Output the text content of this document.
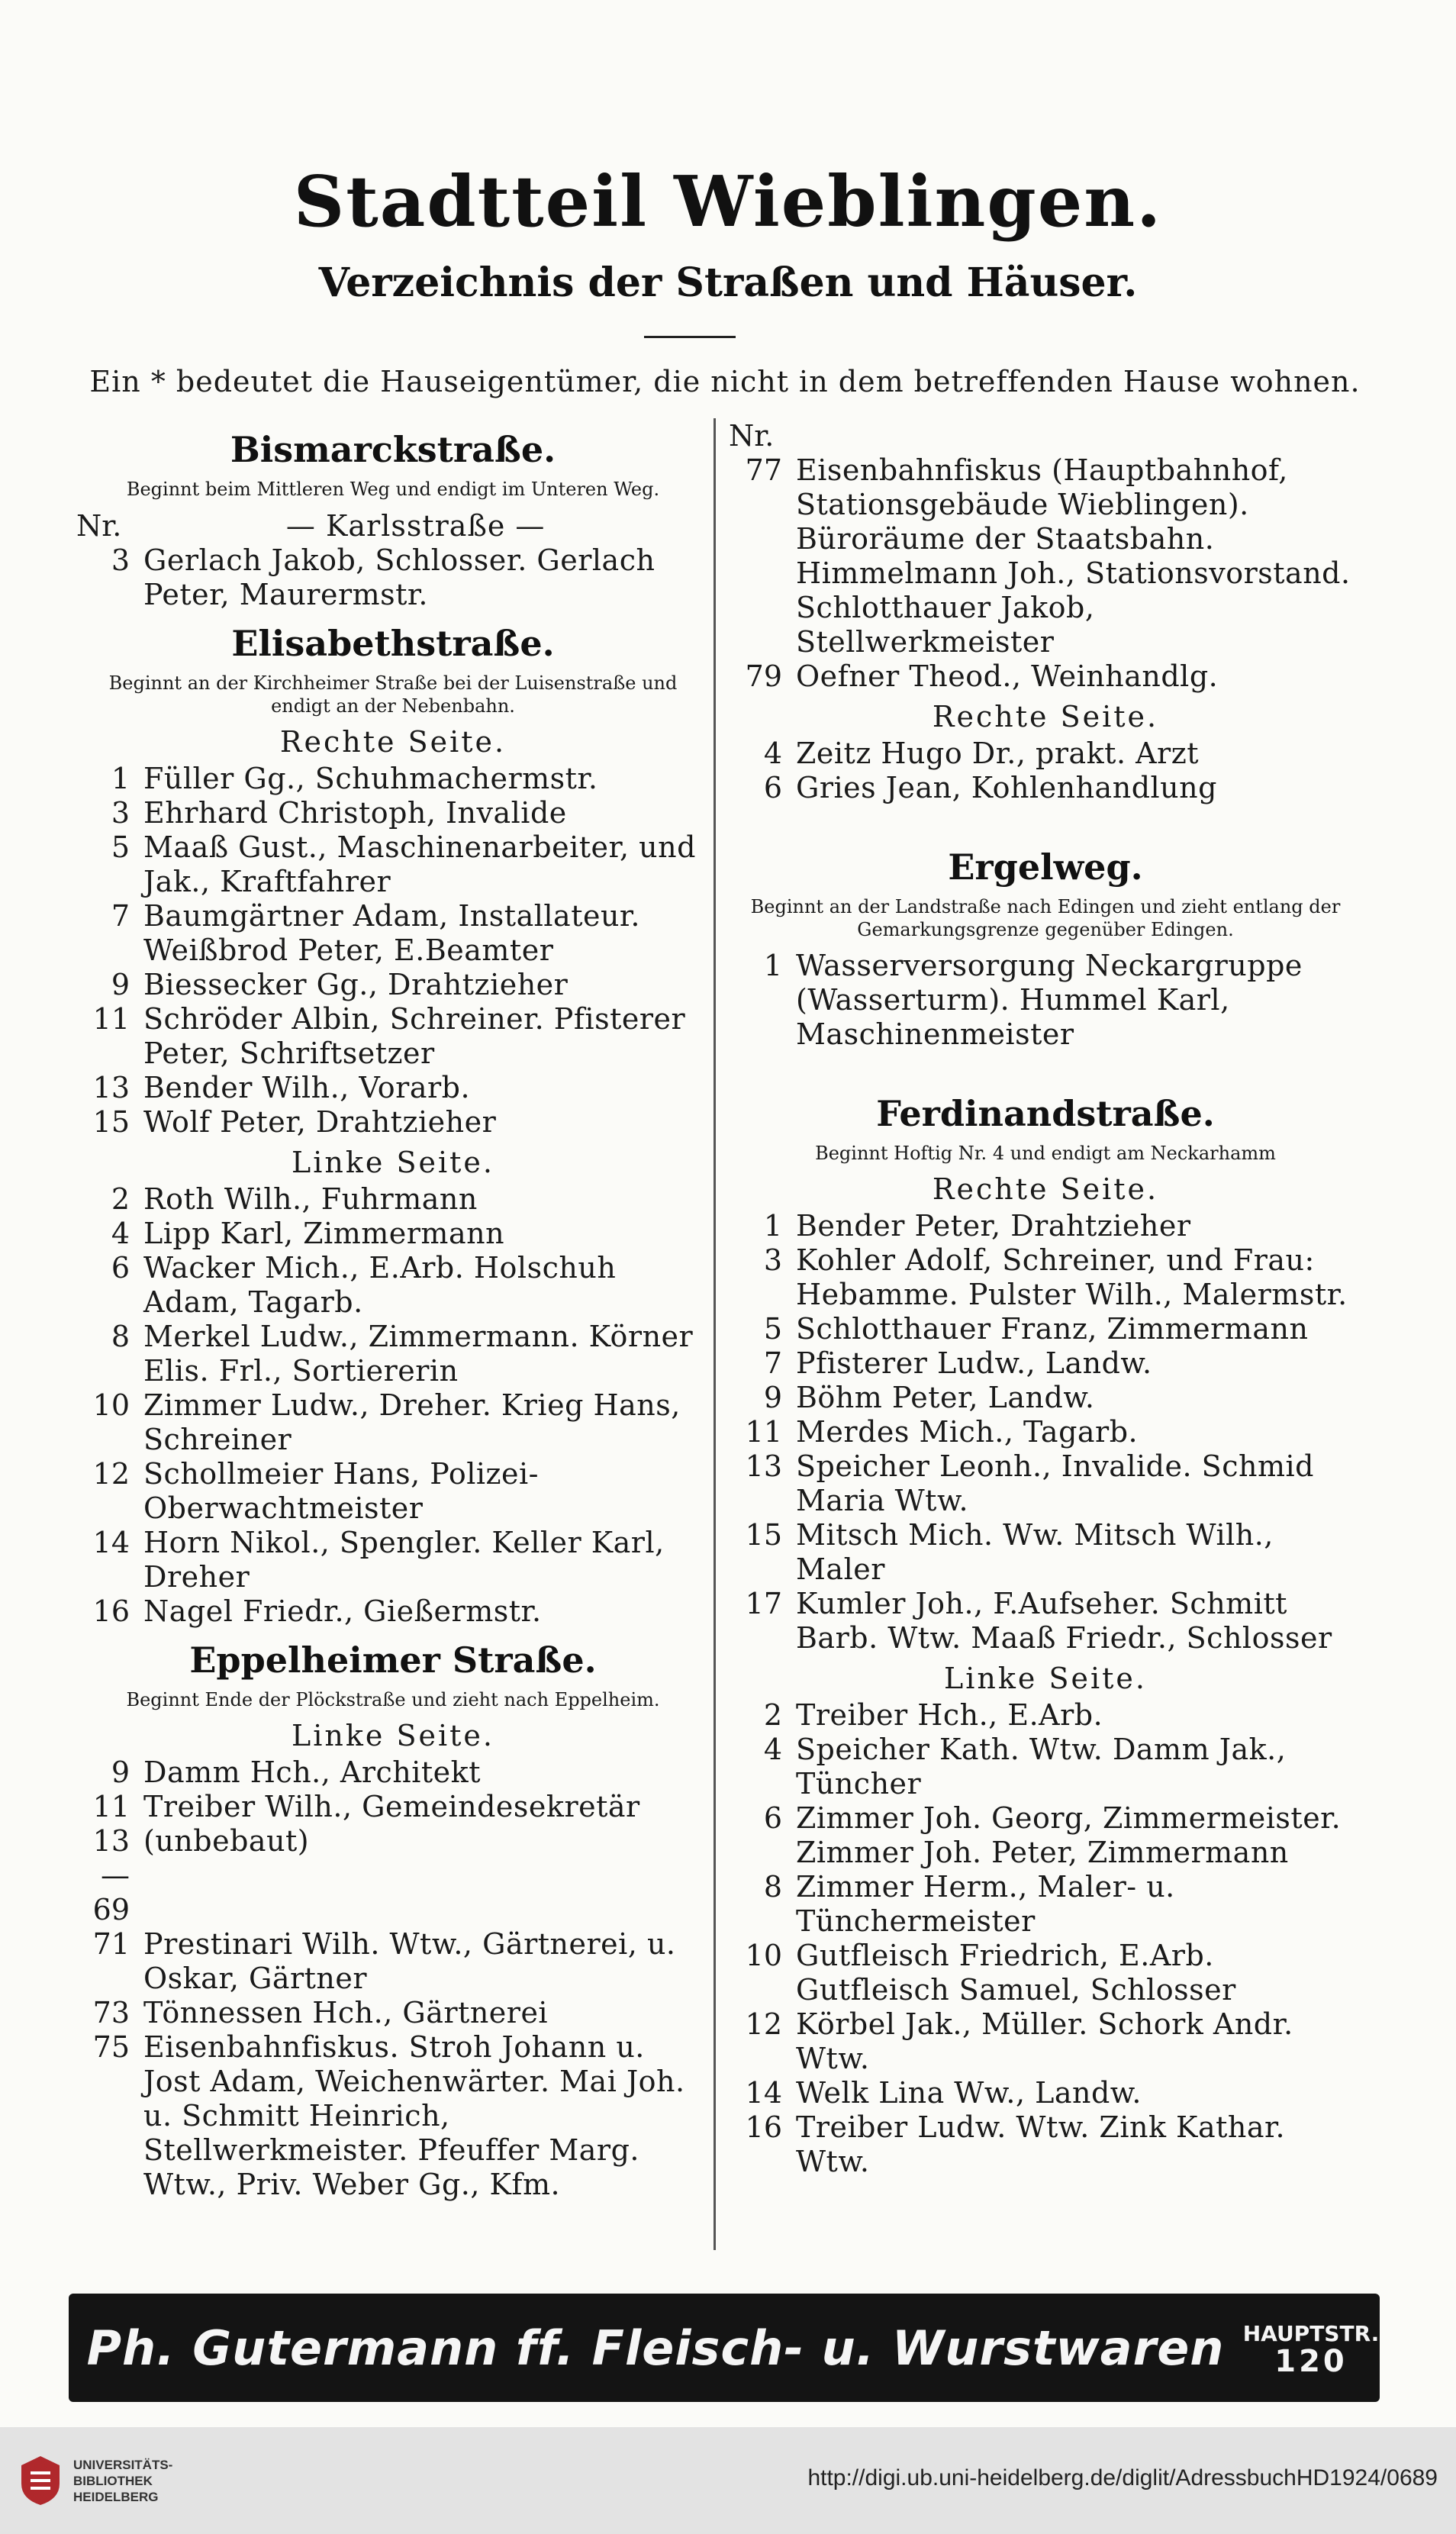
Stadtteil Wieblingen.
Verzeichnis der Straßen und Häuser.
Ein * bedeutet die Hauseigentümer, die nicht in dem betreffenden Hause wohnen.
Bismarckstraße.
Beginnt beim Mittleren Weg und endigt im Unteren Weg.
Nr.	— Karlsstraße —
3 Gerlach Jakob, Schlosser. Gerlach Peter, Maurermstr.
Elisabethstraße.
Beginnt an der Kirchheimer Straße bei der Luisenstraße und endigt an der Nebenbahn.
Rechte Seite.
1 Füller Gg., Schuhmachermstr.
3 Ehrhard Christoph, Invalide
5 Maaß Gust., Maschinenarbeiter, und Jak., Kraftfahrer
7 Baumgärtner Adam, Installateur. Weißbrod Peter, E.Beamter
9 Biessecker Gg., Drahtzieher
11 Schröder Albin, Schreiner. Pfisterer Peter, Schriftsetzer
13 Bender Wilh., Vorarb.
15 Wolf Peter, Drahtzieher
Linke Seite.
2 Roth Wilh., Fuhrmann
4 Lipp Karl, Zimmermann
6 Wacker Mich., E.Arb. Holschuh Adam, Tagarb.
8 Merkel Ludw., Zimmermann. Körner Elis. Frl., Sortiererin
10 Zimmer Ludw., Dreher. Krieg Hans, Schreiner
12 Schollmeier Hans, Polizei-Oberwachtmeister
14 Horn Nikol., Spengler. Keller Karl, Dreher
16 Nagel Friedr., Gießermstr.
Eppelheimer Straße.
Beginnt Ende der Plöckstraße und zieht nach Eppelheim.
Linke Seite.
9 Damm Hch., Architekt
11 Treiber Wilh., Gemeindesekretär
13—69
(unbebaut)
71 Prestinari Wilh. Wtw., Gärtnerei, u. Oskar, Gärtner
73 Tönnessen Hch., Gärtnerei
75 Eisenbahnfiskus. Stroh Johann u. Jost Adam, Weichenwärter. Mai Joh. u. Schmitt Heinrich, Stellwerkmeister. Pfeuffer Marg. Wtw., Priv. Weber Gg., Kfm.
Nr.
77 Eisenbahnfiskus (Hauptbahnhof, Stationsgebäude Wieblingen). Büroräume der Staatsbahn. Himmelmann Joh., Stationsvorstand. Schlotthauer Jakob, Stellwerkmeister
79 Oefner Theod., Weinhandlg.
Rechte Seite.
4 Zeitz Hugo Dr., prakt. Arzt
6 Gries Jean, Kohlenhandlung
Ergelweg.
Beginnt an der Landstraße nach Edingen und zieht entlang der Gemarkungsgrenze gegenüber Edingen.
1 Wasserversorgung Neckargruppe (Wasserturm). Hummel Karl, Maschinenmeister
Ferdinandstraße.
Beginnt Hoftig Nr. 4 und endigt am Neckarhamm
Rechte Seite.
1 Bender Peter, Drahtzieher
3 Kohler Adolf, Schreiner, und Frau: Hebamme. Pulster Wilh., Malermstr.
5 Schlotthauer Franz, Zimmermann
7 Pfisterer Ludw., Landw.
9 Böhm Peter, Landw.
11 Merdes Mich., Tagarb.
13 Speicher Leonh., Invalide. Schmid Maria Wtw.
15 Mitsch Mich. Ww. Mitsch Wilh., Maler
17 Kumler Joh., F.Aufseher. Schmitt Barb. Wtw. Maaß Friedr., Schlosser
Linke Seite.
2 Treiber Hch., E.Arb.
4 Speicher Kath. Wtw. Damm Jak., Tüncher
6 Zimmer Joh. Georg, Zimmermeister. Zimmer Joh. Peter, Zimmermann
8 Zimmer Herm., Maler- u. Tünchermeister
10 Gutfleisch Friedrich, E.Arb. Gutfleisch Samuel, Schlosser
12 Körbel Jak., Müller. Schork Andr. Wtw.
14 Welk Lina Ww., Landw.
16 Treiber Ludw. Wtw. Zink Kathar. Wtw.
Ph. Gutermann ff. Fleisch- u. Wurstwaren HAUPTSTR.
120
UNIVERSITÄTS-
BIBLIOTHEK
HEIDELBERG
http://digi.ub.uni-heidelberg.de/diglit/AdressbuchHD1924/0689
